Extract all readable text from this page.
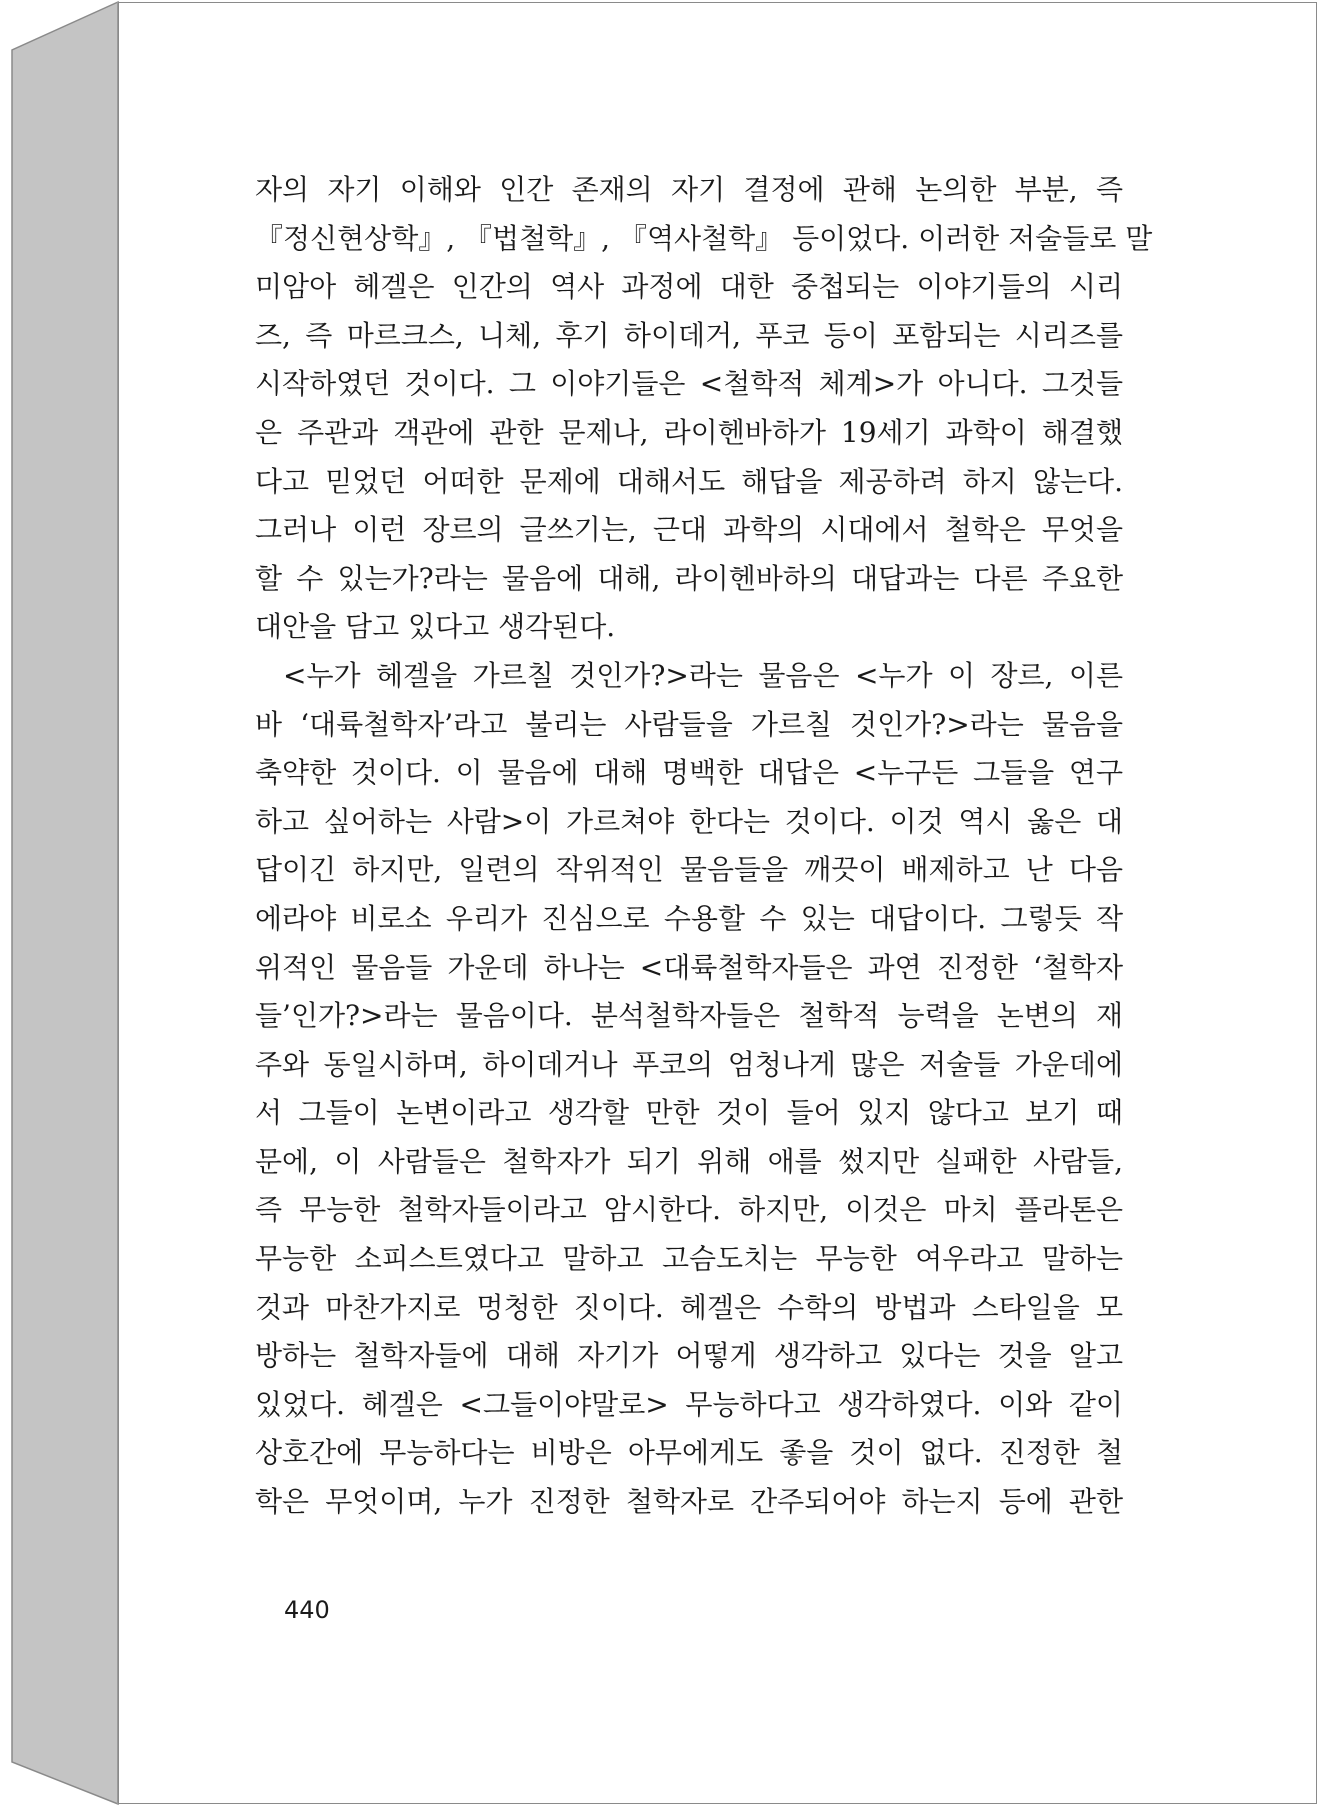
자의 자기 이해와 인간 존재의 자기 결정에 관해 논의한 부분, 즉
『정신현상학』, 『법철학』, 『역사철학』 등이었다. 이러한 저술들로 말
미암아 헤겔은 인간의 역사 과정에 대한 중첩되는 이야기들의 시리
즈, 즉 마르크스, 니체, 후기 하이데거, 푸코 등이 포함되는 시리즈를
시작하였던 것이다. 그 이야기들은 <철학적 체계>가 아니다. 그것들
은 주관과 객관에 관한 문제나, 라이헨바하가 19세기 과학이 해결했
다고 믿었던 어떠한 문제에 대해서도 해답을 제공하려 하지 않는다.
그러나 이런 장르의 글쓰기는, 근대 과학의 시대에서 철학은 무엇을
할 수 있는가?라는 물음에 대해, 라이헨바하의 대답과는 다른 주요한
대안을 담고 있다고 생각된다.
<누가 헤겔을 가르칠 것인가?>라는 물음은 <누가 이 장르, 이른
바 ‘대륙철학자’라고 불리는 사람들을 가르칠 것인가?>라는 물음을
축약한 것이다. 이 물음에 대해 명백한 대답은 <누구든 그들을 연구
하고 싶어하는 사람>이 가르쳐야 한다는 것이다. 이것 역시 옳은 대
답이긴 하지만, 일련의 작위적인 물음들을 깨끗이 배제하고 난 다음
에라야 비로소 우리가 진심으로 수용할 수 있는 대답이다. 그렇듯 작
위적인 물음들 가운데 하나는 <대륙철학자들은 과연 진정한 ‘철학자
들’인가?>라는 물음이다. 분석철학자들은 철학적 능력을 논변의 재
주와 동일시하며, 하이데거나 푸코의 엄청나게 많은 저술들 가운데에
서 그들이 논변이라고 생각할 만한 것이 들어 있지 않다고 보기 때
문에, 이 사람들은 철학자가 되기 위해 애를 썼지만 실패한 사람들,
즉 무능한 철학자들이라고 암시한다. 하지만, 이것은 마치 플라톤은
무능한 소피스트였다고 말하고 고슴도치는 무능한 여우라고 말하는
것과 마찬가지로 멍청한 짓이다. 헤겔은 수학의 방법과 스타일을 모
방하는 철학자들에 대해 자기가 어떻게 생각하고 있다는 것을 알고
있었다. 헤겔은 <그들이야말로> 무능하다고 생각하였다. 이와 같이
상호간에 무능하다는 비방은 아무에게도 좋을 것이 없다. 진정한 철
학은 무엇이며, 누가 진정한 철학자로 간주되어야 하는지 등에 관한
440
